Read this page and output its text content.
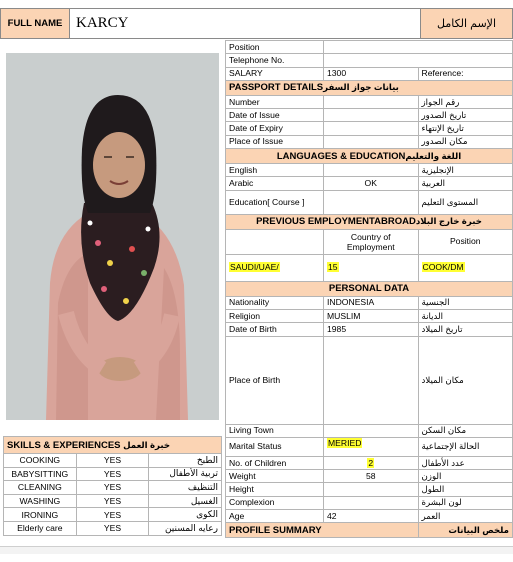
FULL NAME KARCY	الإسم الكامل
Position		
Telephone No.		
SALARY	1300	Reference:
PASSPORT DETAILSبيانات جواز السفر		
Number		رقم الجواز
Date of Issue		تاريخ الصدور
Date of Expiry		تاريخ الإنتهاء
Place of Issue		مكان الصدور
LANGUAGES & EDUCATIONاللغة والتعليم		
English		الإنجليزية
Arabic	OK	العربية
Education[ Course ]		المستوى التعليم
PREVIOUS EMPLOYMENTABROADخبرة خارج البلاد		
	Country of Employment	Position
SAUDI/UAE/	15	COOK/DM
PERSONAL DATA		
Nationality	INDONESIA	الجنسية
Religion	MUSLIM	الديانة
Date of Birth	1985	تاريخ الميلاد
Place of Birth		مكان الميلاد
Living Town		مكان السكن
Marital Status	MERIED	الحالة الإجتماعية
No. of Children	2	عدد الأطفال
Weight	58	الوزن
Height		الطول
Complexion		لون البشرة
Age	42	العمر
PROFILE SUMMARY		ملخص البيانات
SKILLS & EXPERIENCES خبرة العمل		
COOKING	YES	الطبخ
BABYSITTING	YES	تربية الأطفال
CLEANING	YES	التنظيف
WASHING	YES	الغسيل
IRONING	YES	الكوى
Elderly care	YES	رعايه المسنين
